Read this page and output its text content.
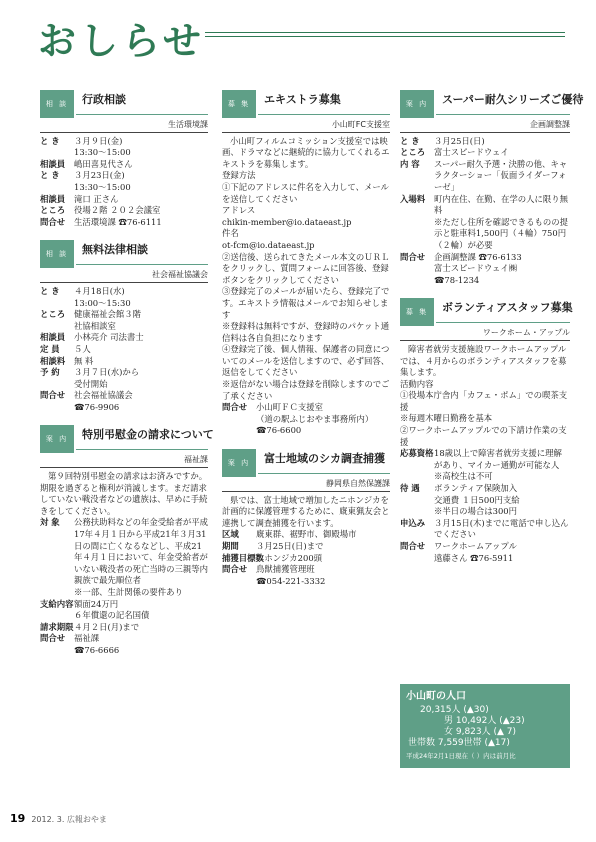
おしらせ
相 談	行政相談
生活環境課
と き	３月９日(金)
13:30～15:00
相談員	嶋田喜見代さん
と き	３月23日(金)
13:30～15:00
相談員	滝口 正さん
ところ	役場２階 ２０２会議室
問合せ	生活環境課 ☎76-6111
相 談	無料法律相談
社会福祉協議会
と き	４月18日(水)
13:00～15:30
ところ	健康福祉会館３階
社協相談室
相談員	小林亮介 司法書士
定 員	５人
相談料	無 料
予 約	３月７日(水)から
受付開始
問合せ	社会福祉協議会
☎76-9906
案 内	特別弔慰金の請求について
福祉課
第９回特別弔慰金の請求はお済みですか。期限を過ぎると権利が消滅します。まだ請求していない戦没者などの遺族は、早めに手続きをしてください。
対 象	公務扶助料などの年金受給者が平成17年４月１日から平成21年３月31日の間に亡くなるなどし、平成21年４月１日において、年金受給者がいない戦没者の死亡当時の三親等内親族で最先順位者
※一部、生計関係の要件あり
支給内容 額面24万円
６年償還の記名国債
請求期限 ４月２日(月)まで
問合せ	福祉課
☎76-6666
募 集	エキストラ募集
小山町FC支援室
小山町フィルムコミッション支援室では映画、ドラマなどに継続的に協力してくれるエキストラを募集します。
登録方法
①下記のアドレスに件名を入力して、メールを送信してください
アドレス
chikin-member@io.dataeast.jp
件名
ot-fcm@io.dataeast.jp
②送信後、送られてきたメール本文のＵＲＬをクリックし、質問フォームに回答後、登録ボタンをクリックしてください
③登録完了のメールが届いたら、登録完了です。エキストラ情報はメールでお知らせします
※登録料は無料ですが、登録時のパケット通信料は各自負担になります
④登録完了後、個人情報、保護者の同意についてのメールを送信しますので、必ず回答、返信をしてください
※返信がない場合は登録を削除しますのでご了承ください
問合せ	小山町ＦＣ支援室
（道の駅ふじおやま事務所内）
☎76-6600
案 内	富士地域のシカ調査捕獲
静岡県自然保護課
県では、富士地域で増加したニホンジカを計画的に保護管理するために、廐東猟友会と連携して調査捕獲を行います。
区域	廐東群、裾野市、御殿場市
期間	３月25日(日)まで
捕獲目標数
ニホンジカ200頭
問合せ	鳥獣捕獲管理班
☎054-221-3332
案 内	スーパー耐久シリーズご優待
企画調整課
と き	３月25日(日)
ところ	富士スピードウェイ
内 容	スーパー耐久予選・決勝の他、キャラクターショー「仮面ライダーフォーゼ」
入場料	町内在住、在勤、在学の人に限り無料
※ただし住所を確認できるものの提示と駐車料1,500円（４輪）750円（２輪）が必要
問合せ	企画調整課 ☎76-6133
富士スピードウェイ㈱
☎78-1234
募 集	ボランティアスタッフ募集
ワークホーム・アップル
障害者就労支援施設ワークホームアップルでは、４月からのボランティアスタッフを募集します。
活動内容
①役場本庁舎内「カフェ・ポム」での喫茶支援
※毎週木曜日勤務を基本
②ワークホームアップルでの下請け作業の支援
応募資格 18歳以上で障害者就労支援に理解があり、マイカー通勤が可能な人 ※高校生は不可
待 遇	ボランティア保険加入
交通費 １日500円支給
※半日の場合は300円
申込み	３月15日(木)までに電話で申し込んでください
問合せ	ワークホームアップル
遠藤さん ☎76-5911
小山町の人口
20,315人 (▲30)
男 10,492人 (▲23)
女 9,823人 (▲ 7)
世帯数 7,559世帯 (▲17)
平成24年2月1日現在（ ）内は前月比
19 2012. 3. 広報おやま
